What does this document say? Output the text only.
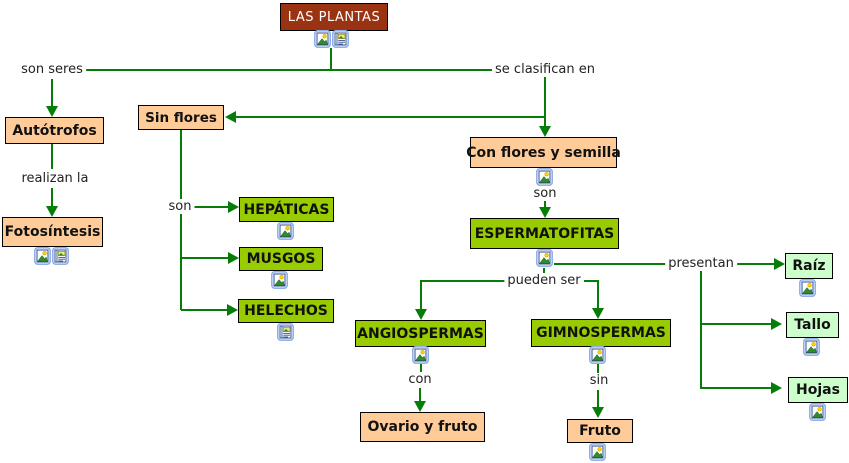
son seres	se clasifican en
realizan la
son
son
pueden ser
presentan
con	sin
LAS PLANTAS
Autótrofos
Fotosíntesis
Sin flores
HEPÁTICAS
MUSGOS
HELECHOS
Con flores y semilla
ESPERMATOFITAS
ANGIOSPERMAS	GIMNOSPERMAS
Ovario y fruto	Fruto
Raíz
Tallo
Hojas
